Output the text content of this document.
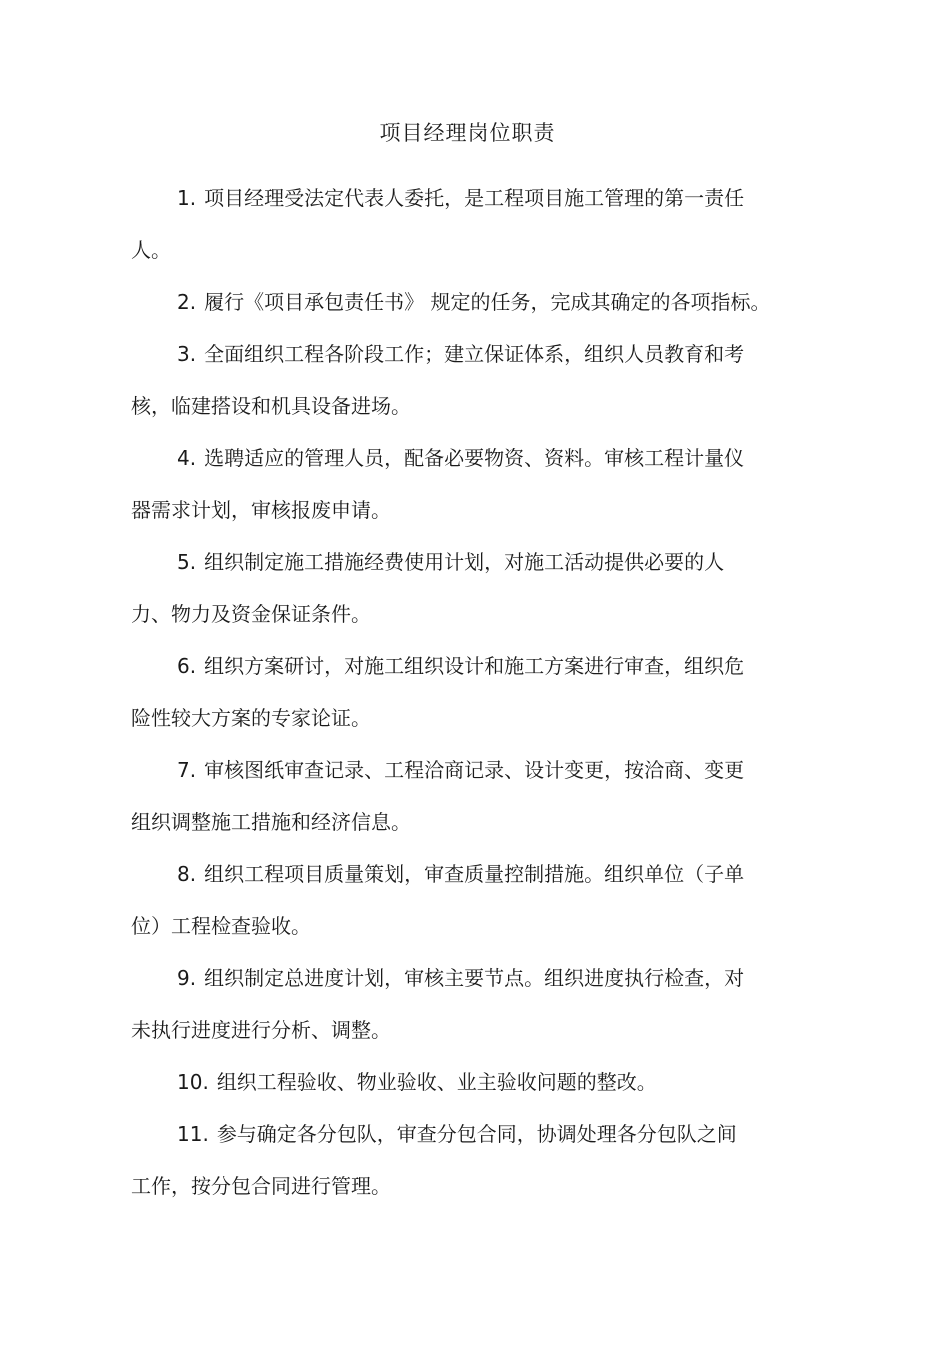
项目经理岗位职责
1. 项目经理受法定代表人委托，是工程项目施工管理的第一责任
人。
2. 履行《项目承包责任书》 规定的任务，完成其确定的各项指标。
3. 全面组织工程各阶段工作；建立保证体系，组织人员教育和考
核，临建搭设和机具设备进场。
4. 选聘适应的管理人员，配备必要物资、资料。审核工程计量仪
器需求计划，审核报废申请。
5. 组织制定施工措施经费使用计划，对施工活动提供必要的人
力、物力及资金保证条件。
6. 组织方案研讨，对施工组织设计和施工方案进行审查，组织危
险性较大方案的专家论证。
7. 审核图纸审查记录、工程洽商记录、设计变更，按洽商、变更
组织调整施工措施和经济信息。
8. 组织工程项目质量策划，审查质量控制措施。组织单位（子单
位）工程检查验收。
9. 组织制定总进度计划，审核主要节点。组织进度执行检查，对
未执行进度进行分析、调整。
10. 组织工程验收、物业验收、业主验收问题的整改。
11. 参与确定各分包队，审查分包合同，协调处理各分包队之间
工作，按分包合同进行管理。
